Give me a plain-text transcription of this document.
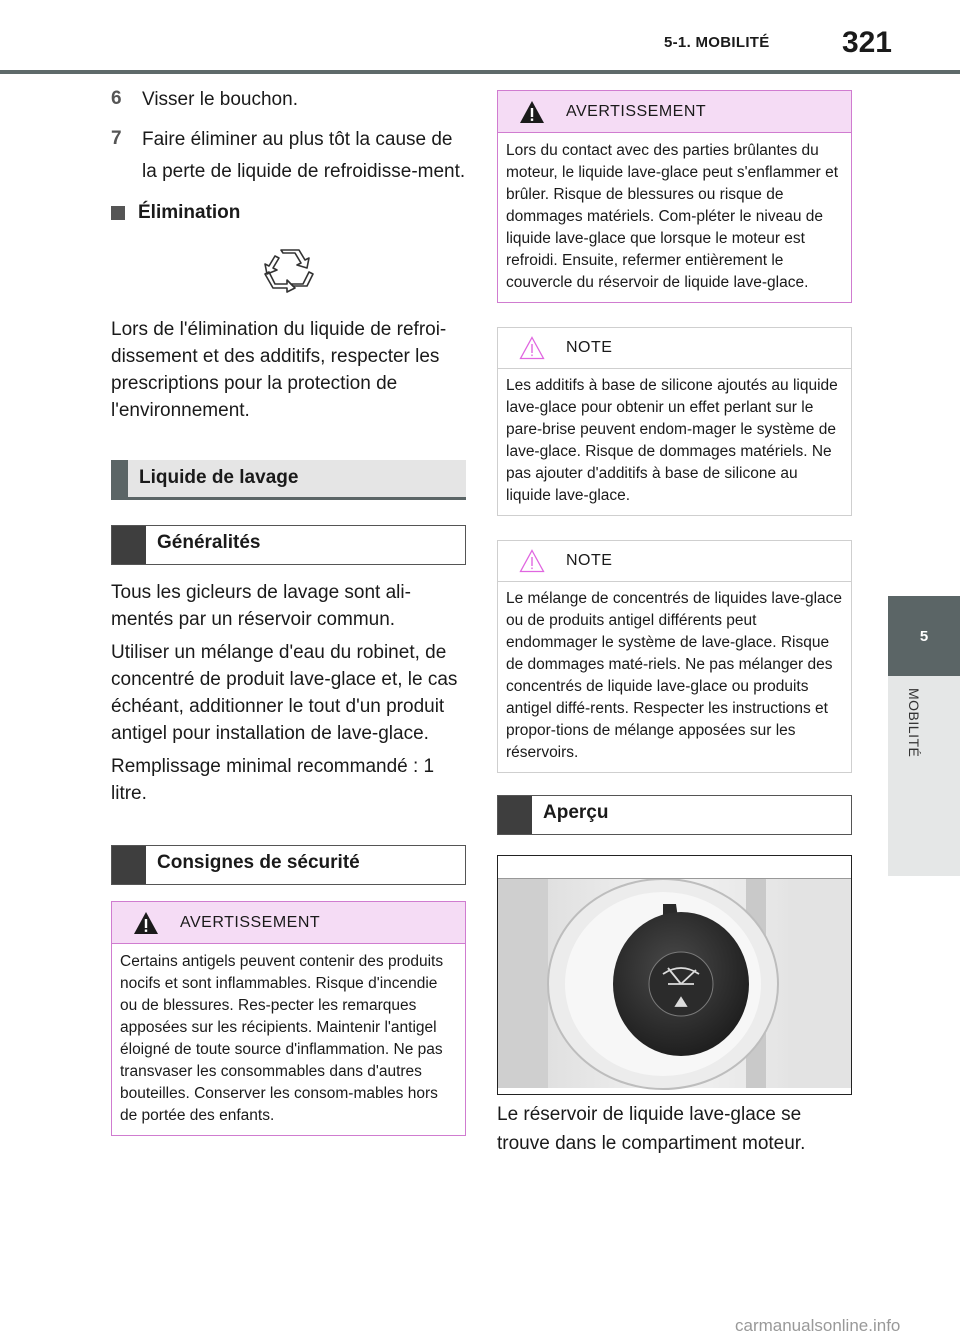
5-1. MOBILITÉ 321
5
MOBILITÉ
6	Visser le bouchon.
7	Faire éliminer au plus tôt la cause de la perte de liquide de refroidisse-ment.
Élimination
Lors de l'élimination du liquide de refroi-dissement et des additifs, respecter les prescriptions pour la protection de l'environnement.
Liquide de lavage
Généralités
Tous les gicleurs de lavage sont ali-mentés par un réservoir commun.
Utiliser un mélange d'eau du robinet, de concentré de produit lave-glace et, le cas échéant, additionner le tout d'un produit antigel pour installation de lave-glace.
Remplissage minimal recommandé : 1 litre.
Consignes de sécurité
AVERTISSEMENT
Certains antigels peuvent contenir des produits nocifs et sont inflammables. Risque d'incendie ou de blessures. Res-pecter les remarques apposées sur les récipients. Maintenir l'antigel éloigné de toute source d'inflammation. Ne pas transvaser les consommables dans d'autres bouteilles. Conserver les consom-mables hors de portée des enfants.
AVERTISSEMENT
Lors du contact avec des parties brûlantes du moteur, le liquide lave-glace peut s'enflammer et brûler. Risque de blessures ou risque de dommages matériels. Com-pléter le niveau de liquide lave-glace que lorsque le moteur est refroidi. Ensuite, refermer entièrement le couvercle du réservoir de liquide lave-glace.
NOTE
Les additifs à base de silicone ajoutés au liquide lave-glace pour obtenir un effet perlant sur le pare-brise peuvent endom-mager le système de lave-glace. Risque de dommages matériels. Ne pas ajouter d'additifs à base de silicone au liquide lave-glace.
NOTE
Le mélange de concentrés de liquides lave-glace ou de produits antigel différents peut endommager le système de lave-glace. Risque de dommages maté-riels. Ne pas mélanger des concentrés de liquide lave-glace ou produits antigel diffé-rents. Respecter les instructions et propor-tions de mélange apposées sur les réservoirs.
Aperçu
Le réservoir de liquide lave-glace se trouve dans le compartiment moteur.
carmanualsonline.info
